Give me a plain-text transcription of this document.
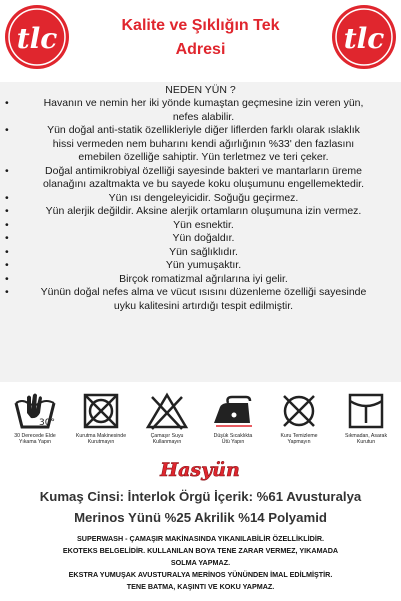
tlc	Kalite ve Şıklığın Tek
Adresi	tlc
NEDEN YÜN ?
•	Havanın ve nemin her iki yönde kumaştan geçmesine izin veren yün,
nefes alabilir.
•	Yün doğal anti-statik özellikleriyle diğer liflerden farklı olarak ıslaklık
hissi vermeden nem buharını kendi ağırlığının %33' den fazlasını
emebilen özelliğe sahiptir. Yün terletmez ve teri çeker.
•	Doğal antimikrobiyal özelliği sayesinde bakteri ve mantarların üreme
olanağını azaltmakta ve bu sayede koku oluşumunu engellemektedir.
•	Yün ısı dengeleyicidir. Soğuğu geçirmez.
•	Yün alerjik değildir. Aksine alerjik ortamların oluşumuna izin vermez.
•	Yün esnektir.
•	Yün doğaldır.
•	Yün sağlıklıdır.
•	Yün yumuşaktır.
•	Birçok romatizmal ağrılarına iyi gelir.
•	Yünün doğal nefes alma ve vücut ısısını düzenleme özelliği sayesinde
uyku kalitesini artırdığı tespit edilmiştir.
30°
30 Derecede Elde
Yıkama Yapın
Kurutma Makinesinde
Kurutmayın
Çamaşır Suyu
Kullanmayın
Düşük Sıcaklıkta
Ütü Yapın
Kuru Temizleme
Yapmayın
Sıkmadan, Asarak
Kurutun
Hasyün
Kumaş Cinsi: İnterlok Örgü İçerik: %61 Avusturalya
Merinos Yünü %25 Akrilik %14 Polyamid
SUPERWASH - ÇAMAŞIR MAKİNASINDA YIKANILABİLİR ÖZELLİKLİDİR.
EKOTEKS BELGELİDİR. KULLANILAN BOYA TENE ZARAR VERMEZ, YIKAMADA
SOLMA YAPMAZ.
EKSTRA YUMUŞAK AVUSTURALYA MERİNOS YÜNÜNDEN İMAL EDİLMİŞTİR.
TENE BATMA, KAŞINTI VE KOKU YAPMAZ.
